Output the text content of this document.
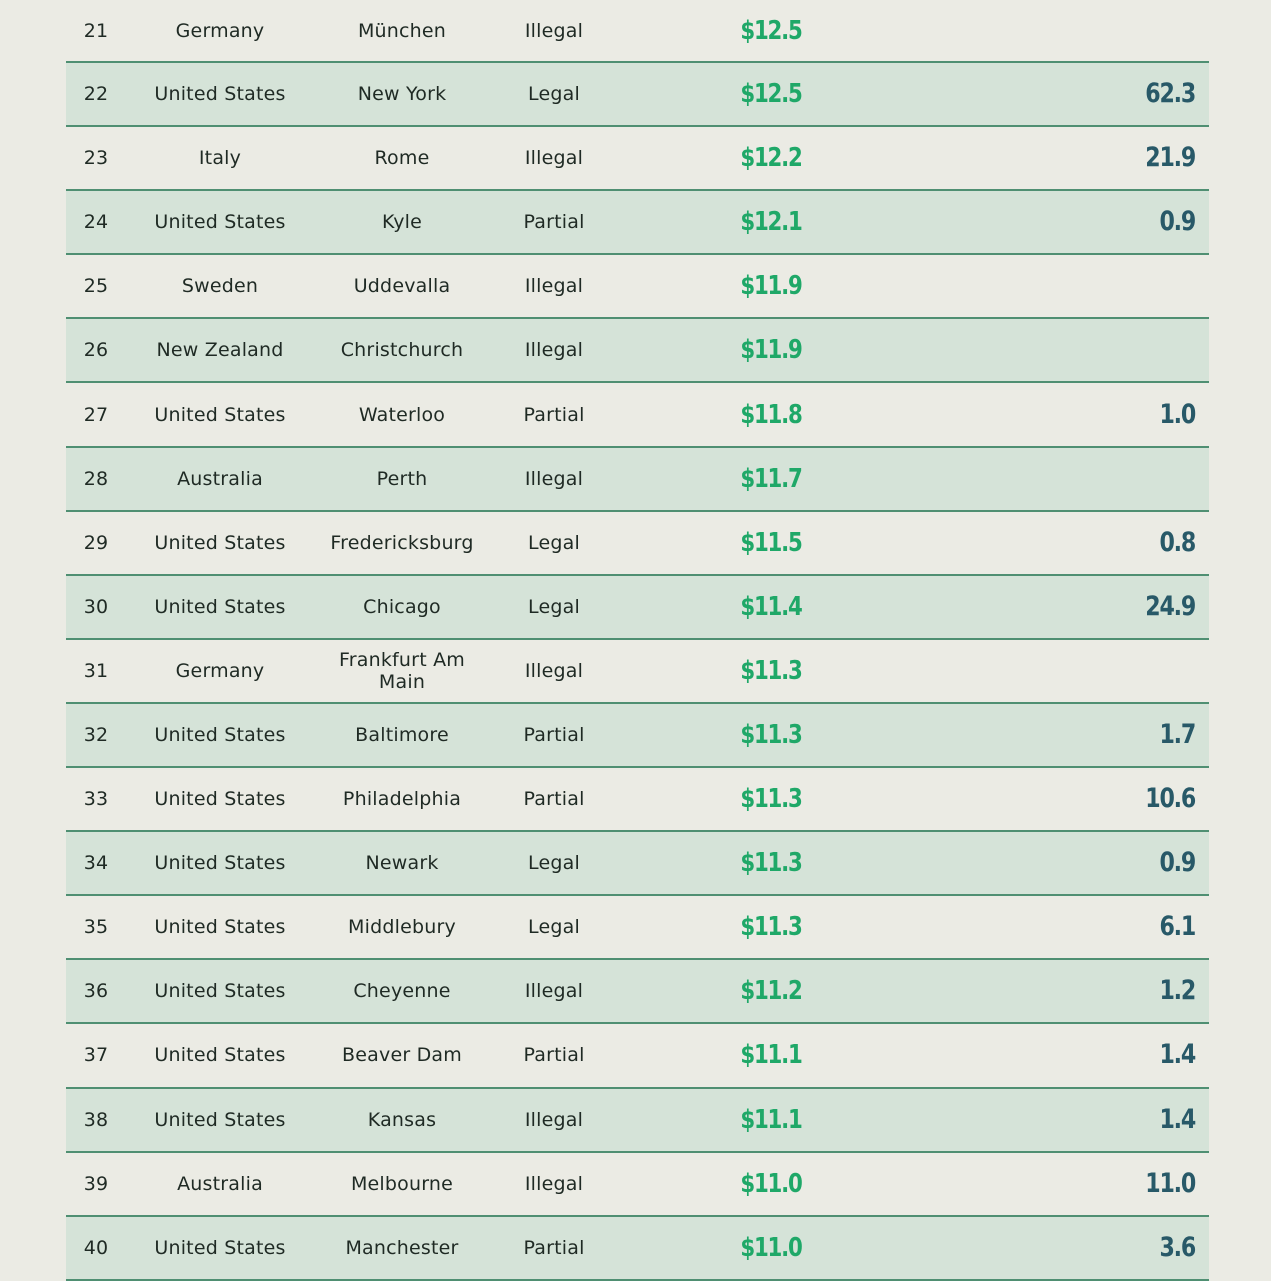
21	Germany	München	Illegal	$12.5
22	United States	New York	Legal	$12.5	62.3
23	Italy	Rome	Illegal	$12.2	21.9
24	United States	Kyle	Partial	$12.1	0.9
25	Sweden	Uddevalla	Illegal	$11.9
26	New Zealand	Christchurch	Illegal	$11.9
27	United States	Waterloo	Partial	$11.8	1.0
28	Australia	Perth	Illegal	$11.7
29	United States	Fredericksburg	Legal	$11.5	0.8
30	United States	Chicago	Legal	$11.4	24.9
31	Germany	Frankfurt Am Main	Illegal	$11.3
32	United States	Baltimore	Partial	$11.3	1.7
33	United States	Philadelphia	Partial	$11.3	10.6
34	United States	Newark	Legal	$11.3	0.9
35	United States	Middlebury	Legal	$11.3	6.1
36	United States	Cheyenne	Illegal	$11.2	1.2
37	United States	Beaver Dam	Partial	$11.1	1.4
38	United States	Kansas	Illegal	$11.1	1.4
39	Australia	Melbourne	Illegal	$11.0	11.0
40	United States	Manchester	Partial	$11.0	3.6
